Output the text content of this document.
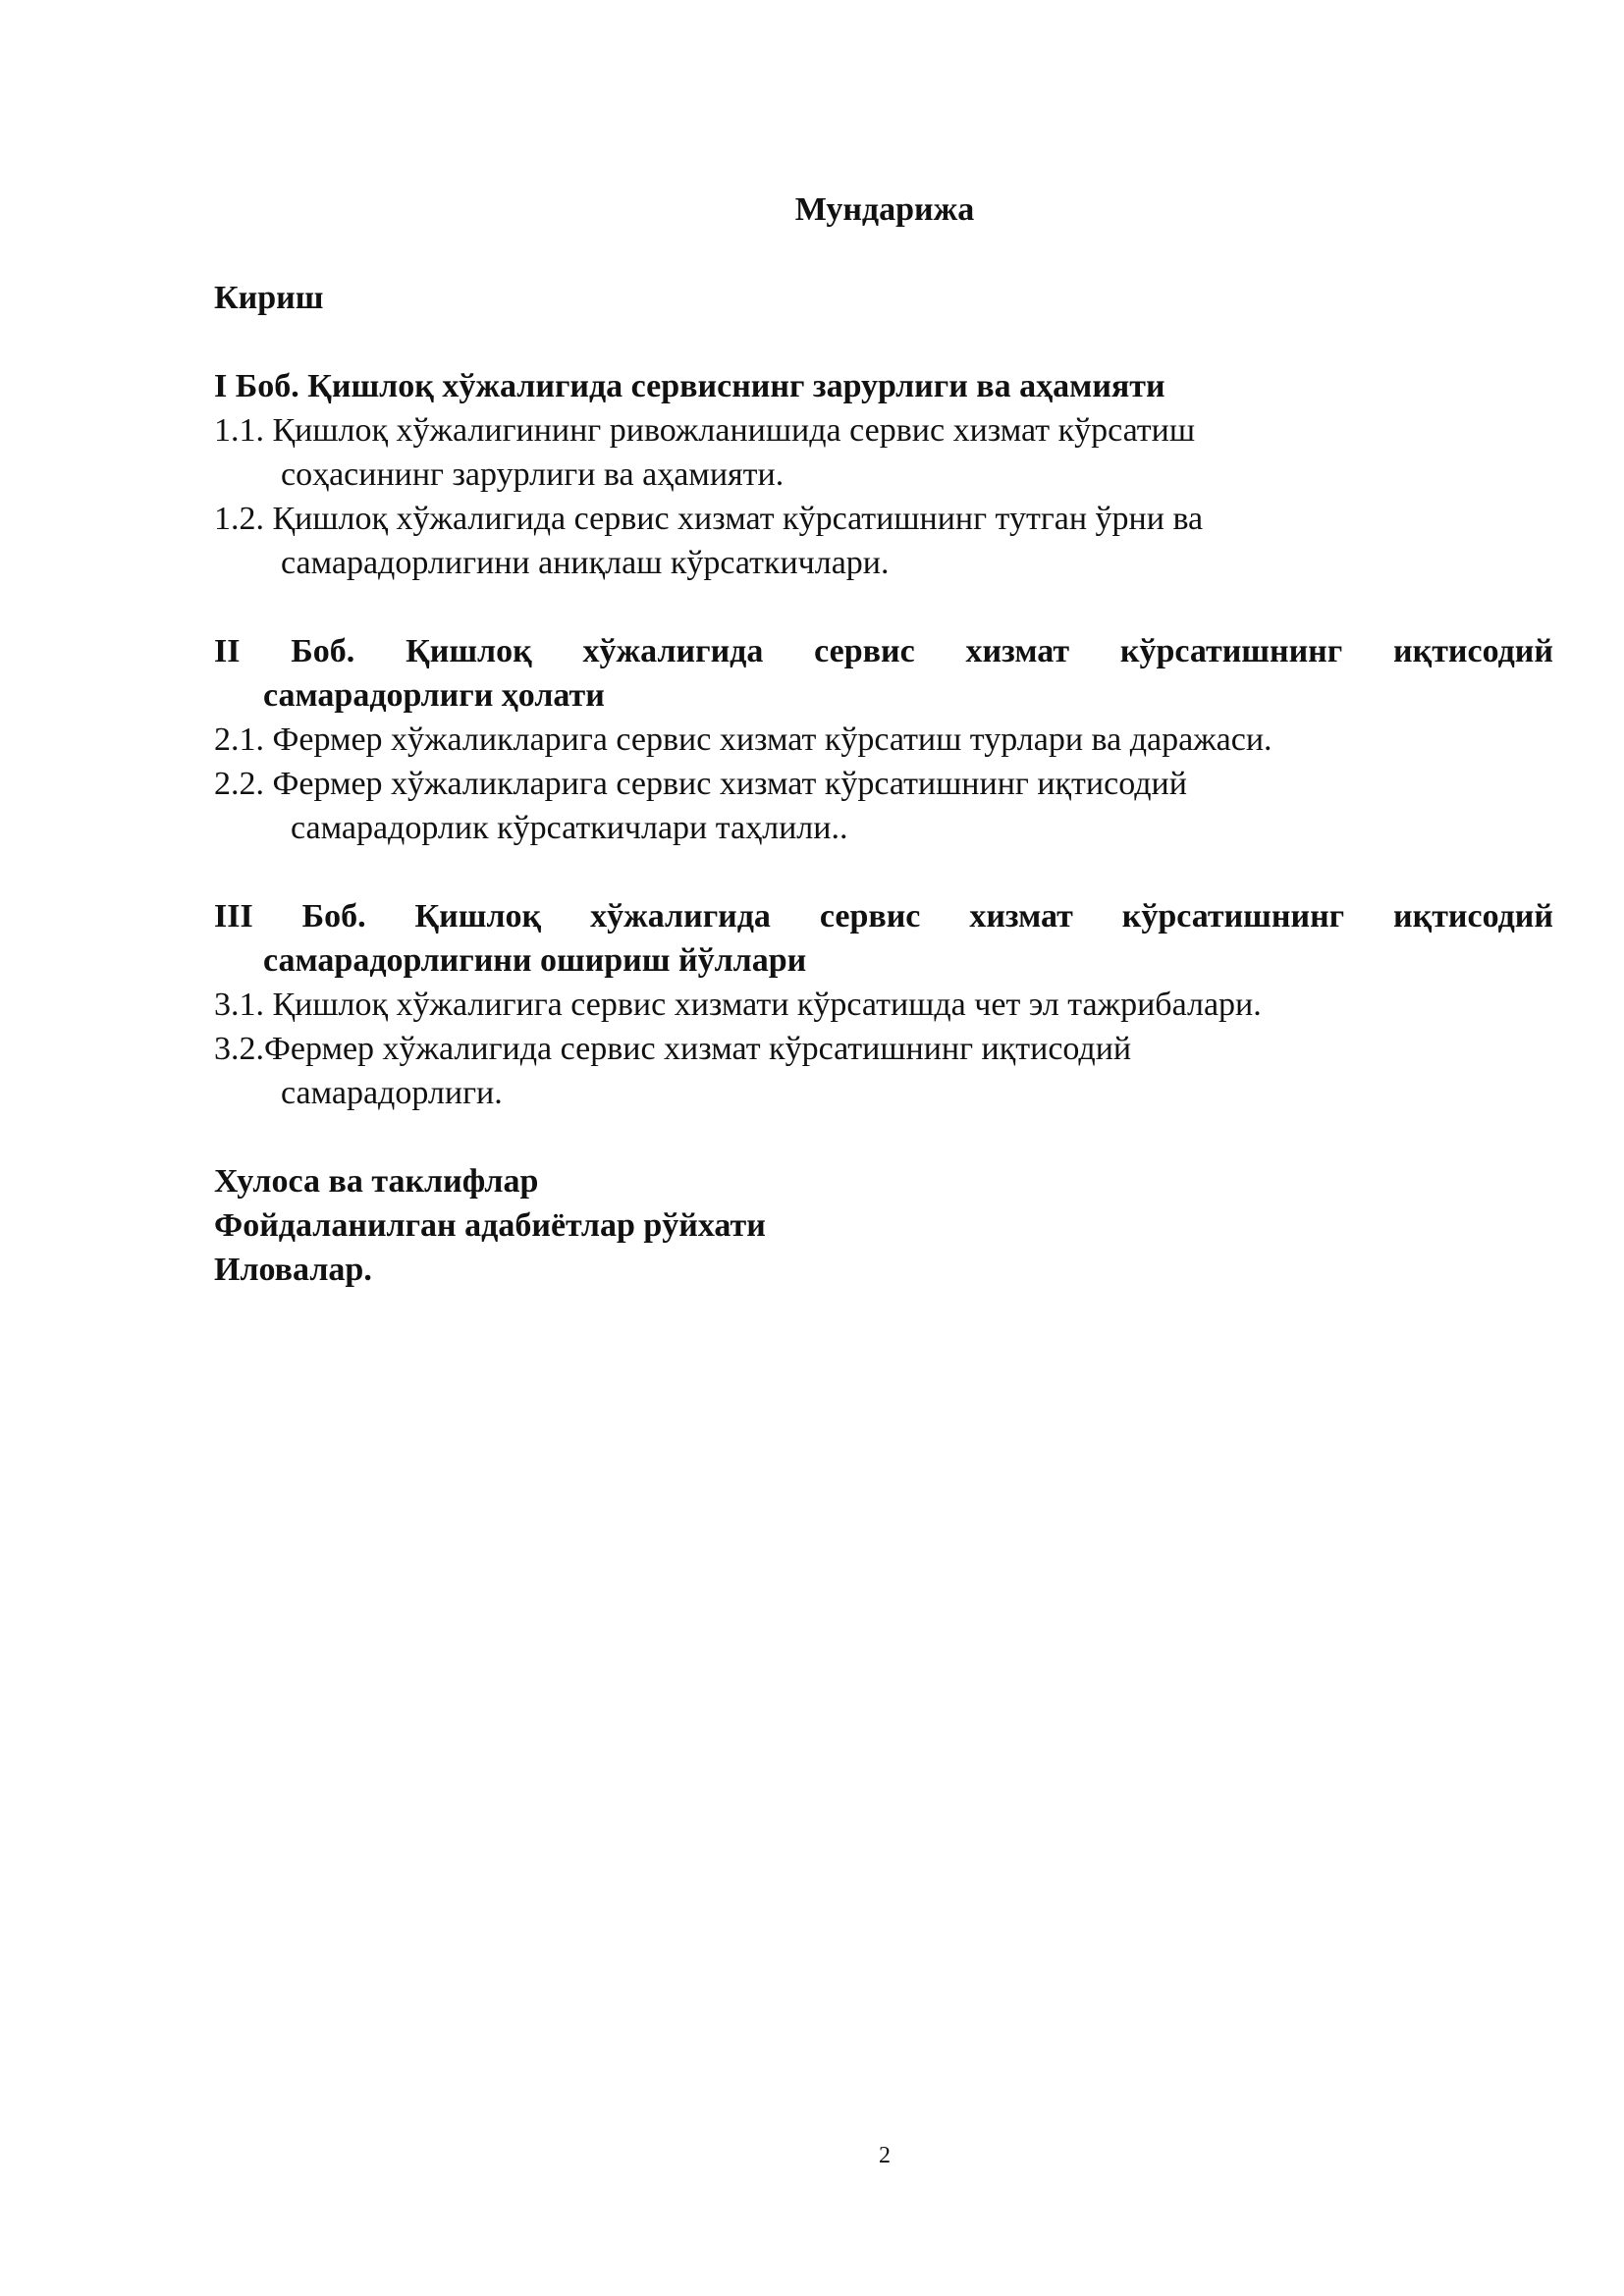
Мундарижа
Кириш
I Боб. Қишлоқ хўжалигида сервиснинг зарурлиги ва аҳамияти
1.1. Қишлоқ хўжалигининг ривожланишида сервис хизмат кўрсатиш
соҳасининг зарурлиги ва аҳамияти.
1.2. Қишлоқ хўжалигида сервис хизмат кўрсатишнинг тутган ўрни ва
самарадорлигини аниқлаш кўрсаткичлари.
II Боб. Қишлоқ хўжалигида сервис хизмат кўрсатишнинг иқтисодий
самарадорлиги ҳолати
2.1. Фермер хўжаликларига сервис хизмат кўрсатиш турлари ва даражаси.
2.2. Фермер хўжаликларига сервис хизмат кўрсатишнинг иқтисодий
самарадорлик кўрсаткичлари таҳлили..
III Боб. Қишлоқ хўжалигида сервис хизмат кўрсатишнинг иқтисодий
самарадорлигини ошириш йўллари
3.1. Қишлоқ хўжалигига сервис хизмати кўрсатишда чет эл тажрибалари.
3.2.Фермер хўжалигида сервис хизмат кўрсатишнинг иқтисодий
самарадорлиги.
Хулоса ва таклифлар
Фойдаланилган адабиётлар рўйхати
Иловалар.
2
